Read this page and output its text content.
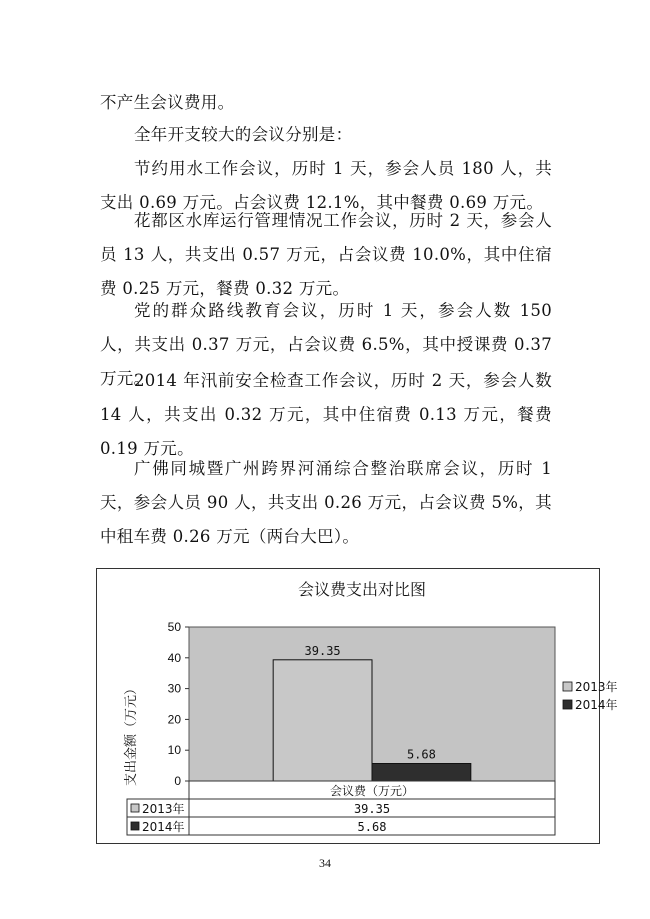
不产生会议费用。

全年开支较大的会议分别是：

节约用水工作会议，历时 1 天，参会人员 180 人，共支出 0.69 万元。占会议费 12.1%，其中餐费 0.69 万元。

花都区水库运行管理情况工作会议，历时 2 天，参会人员 13 人，共支出 0.57 万元，占会议费 10.0%，其中住宿费 0.25 万元，餐费 0.32 万元。

党的群众路线教育会议，历时 1 天，参会人数 150 人，共支出 0.37 万元，占会议费 6.5%，其中授课费 0.37 万元。

2014 年汛前安全检查工作会议，历时 2 天，参会人数 14 人，共支出 0.32 万元，其中住宿费 0.13 万元，餐费 0.19 万元。

广佛同城暨广州跨界河涌综合整治联席会议，历时 1 天，参会人员 90 人，共支出 0.26 万元，占会议费 5%，其中租车费 0.26 万元（两台大巴）。

0
10
20
30
40
50
39.35
5.68
会议费支出对比图
支出金额（万元）	2013年
2014年
会议费（万元）
2013年	39.35
2014年	5.68
34
